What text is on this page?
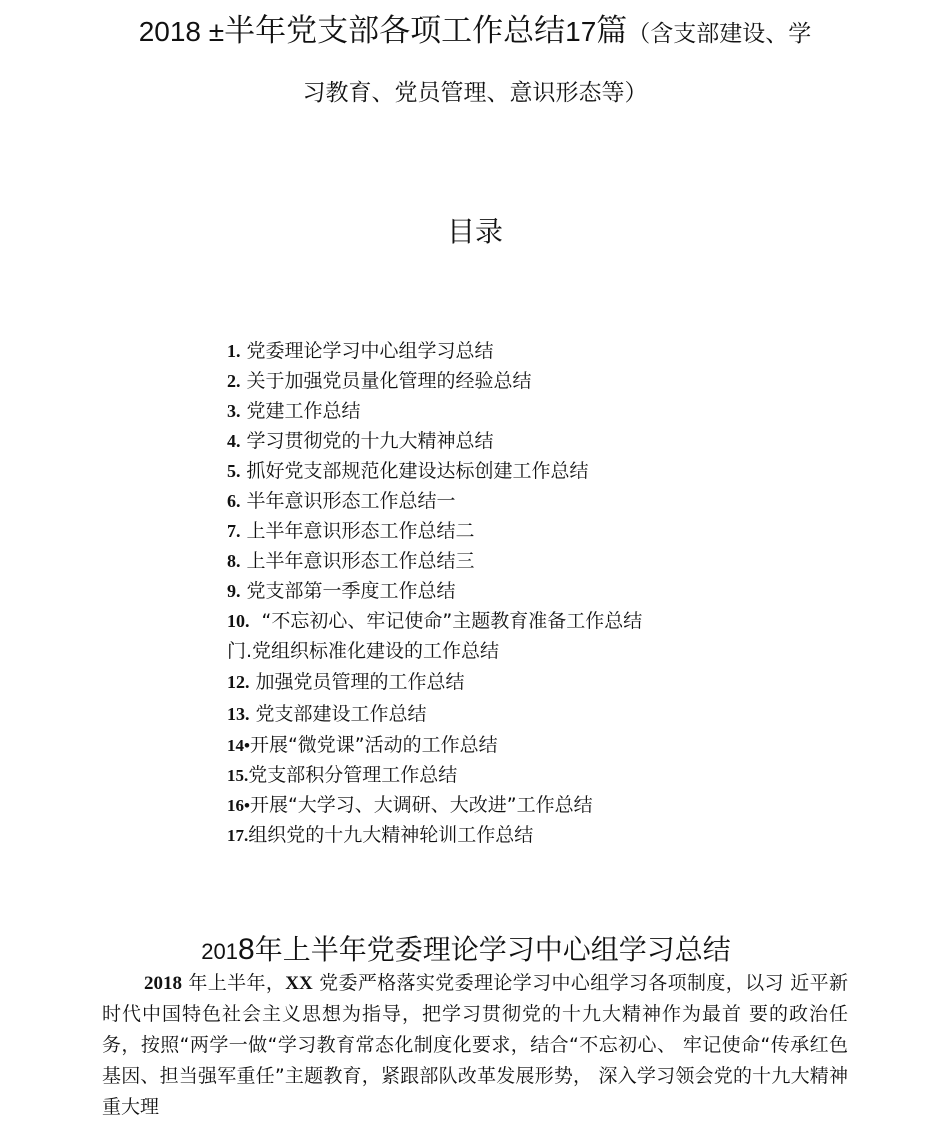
2018 ±半年党支部各项工作总结17篇（含支部建设、学
习教育、党员管理、意识形态等）
目录
1. 党委理论学习中心组学习总结
2. 关于加强党员量化管理的经验总结
3. 党建工作总结
4. 学习贯彻党的十九大精神总结
5. 抓好党支部规范化建设达标创建工作总结
6. 半年意识形态工作总结一
7. 上半年意识形态工作总结二
8. 上半年意识形态工作总结三
9. 党支部第一季度工作总结
10. “不忘初心、牢记使命”主题教育准备工作总结
门.党组织标准化建设的工作总结
12. 加强党员管理的工作总结
13. 党支部建设工作总结
14•开展“微党课”活动的工作总结
15.党支部积分管理工作总结
16•开展“大学习、大调研、大改进”工作总结
17.组织党的十九大精神轮训工作总结
2018年上半年党委理论学习中心组学习总结

2018 年上半年，XX 党委严格落实党委理论学习中心组学习各项制度，以习 近平新时代中国特色社会主义思想为指导，把学习贯彻党的十九大精神作为最首 要的政治任务，按照“两学一做“学习教育常态化制度化要求，结合“不忘初心、 牢记使命“传承红色基因、担当强军重任”主题教育，紧跟部队改革发展形势， 深入学习领会党的十九大精神重大理
